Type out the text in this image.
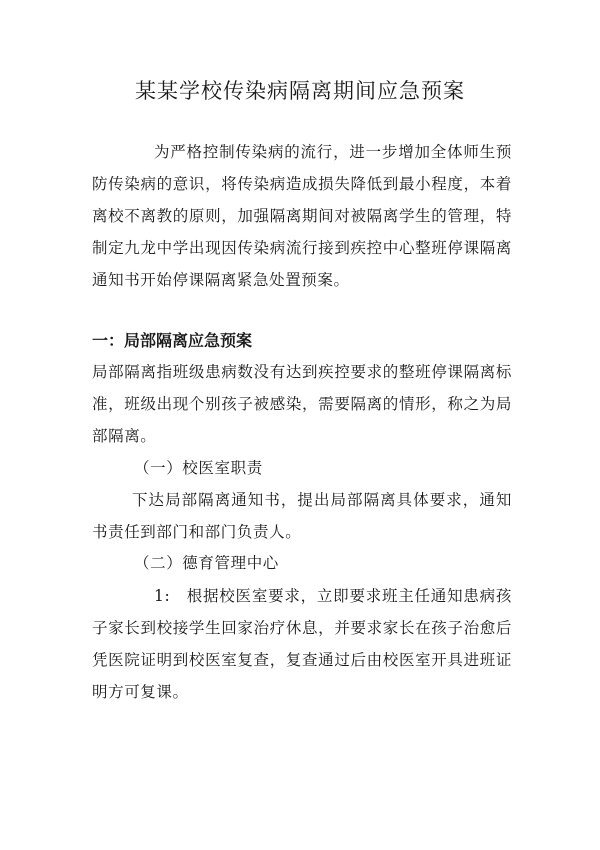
某某学校传染病隔离期间应急预案

为严格控制传染病的流行，进一步增加全体师生预防传染病的意识，将传染病造成损失降低到最小程度，本着离校不离教的原则，加强隔离期间对被隔离学生的管理，特制定九龙中学出现因传染病流行接到疾控中心整班停课隔离通知书开始停课隔离紧急处置预案。

一：局部隔离应急预案

局部隔离指班级患病数没有达到疾控要求的整班停课隔离标准，班级出现个别孩子被感染，需要隔离的情形，称之为局部隔离。

（一）校医室职责

下达局部隔离通知书，提出局部隔离具体要求，通知书责任到部门和部门负责人。

（二）德育管理中心

1:　根据校医室要求，立即要求班主任通知患病孩子家长到校接学生回家治疗休息，并要求家长在孩子治愈后凭医院证明到校医室复查，复查通过后由校医室开具进班证明方可复课。
